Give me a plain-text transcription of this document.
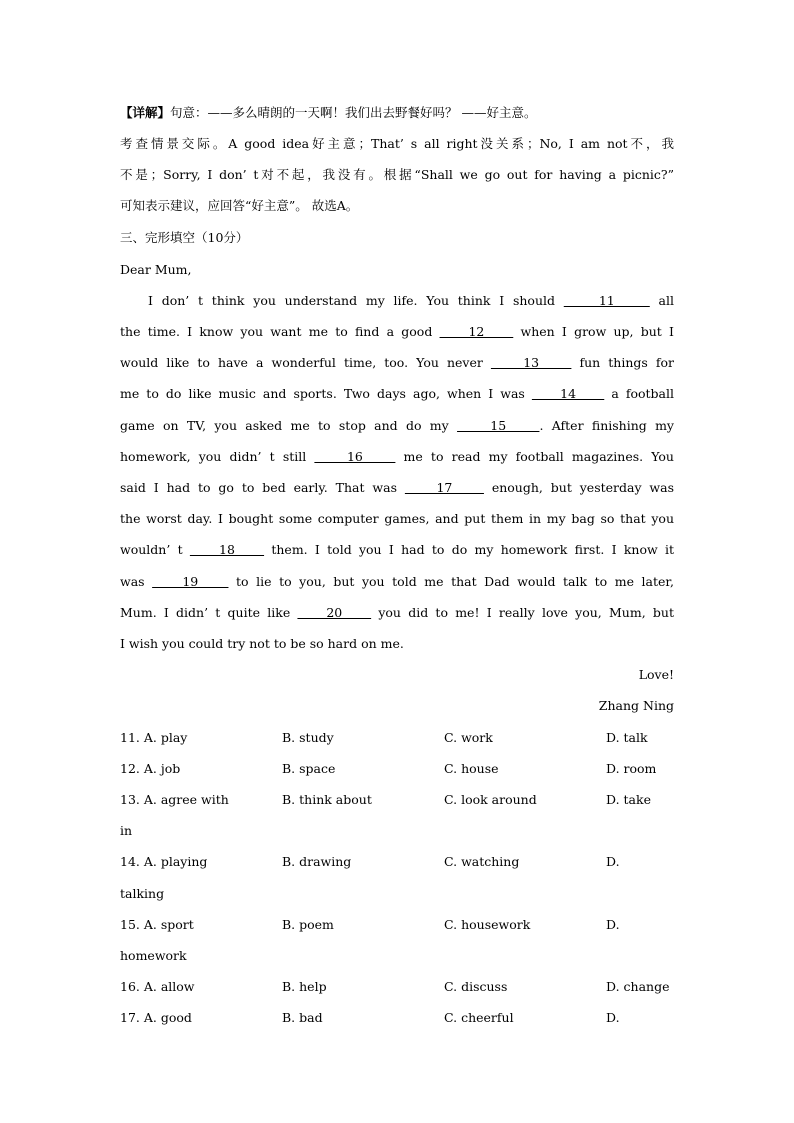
【详解】句意：——多么晴朗的一天啊！我们出去野餐好吗？ ——好主意。
考查情景交际。A good idea好主意；That’ s all right没关系；No, I am not不，我
不是；Sorry, I don’ t对不起，我没有。根据“Shall we go out for having a picnic?”
可知表示建议，应回答“好主意”。 故选A。
三、完形填空（10分）
Dear Mum,
I don’ t think you understand my life. You think I should     11     all
the time. I know you want me to find a good     12     when I grow up, but I
would like to have a wonderful time, too. You never     13     fun things for
me to do like music and sports. Two days ago, when I was     14     a football
game on TV, you asked me to stop and do my     15    . After finishing my
homework, you didn’ t still     16     me to read my football magazines. You
said I had to go to bed early. That was     17     enough, but yesterday was
the worst day. I bought some computer games, and put them in my bag so that you
wouldn’ t     18     them. I told you I had to do my homework first. I know it
was     19     to lie to you, but you told me that Dad would talk to me later,
Mum. I didn’ t quite like     20     you did to me! I really love you, Mum, but
I wish you could try not to be so hard on me.
Love!
Zhang Ning
11. A. play	B. study	C. work	D. talk
12. A. job	B. space	C. house	D. room
13. A. agree with	B. think about	C. look around	D. take
in
14. A. playing	B. drawing	C. watching	D.
talking
15. A. sport	B. poem	C. housework	D.
homework
16. A. allow	B. help	C. discuss	D. change
17. A. good	B. bad	C. cheerful	D.
